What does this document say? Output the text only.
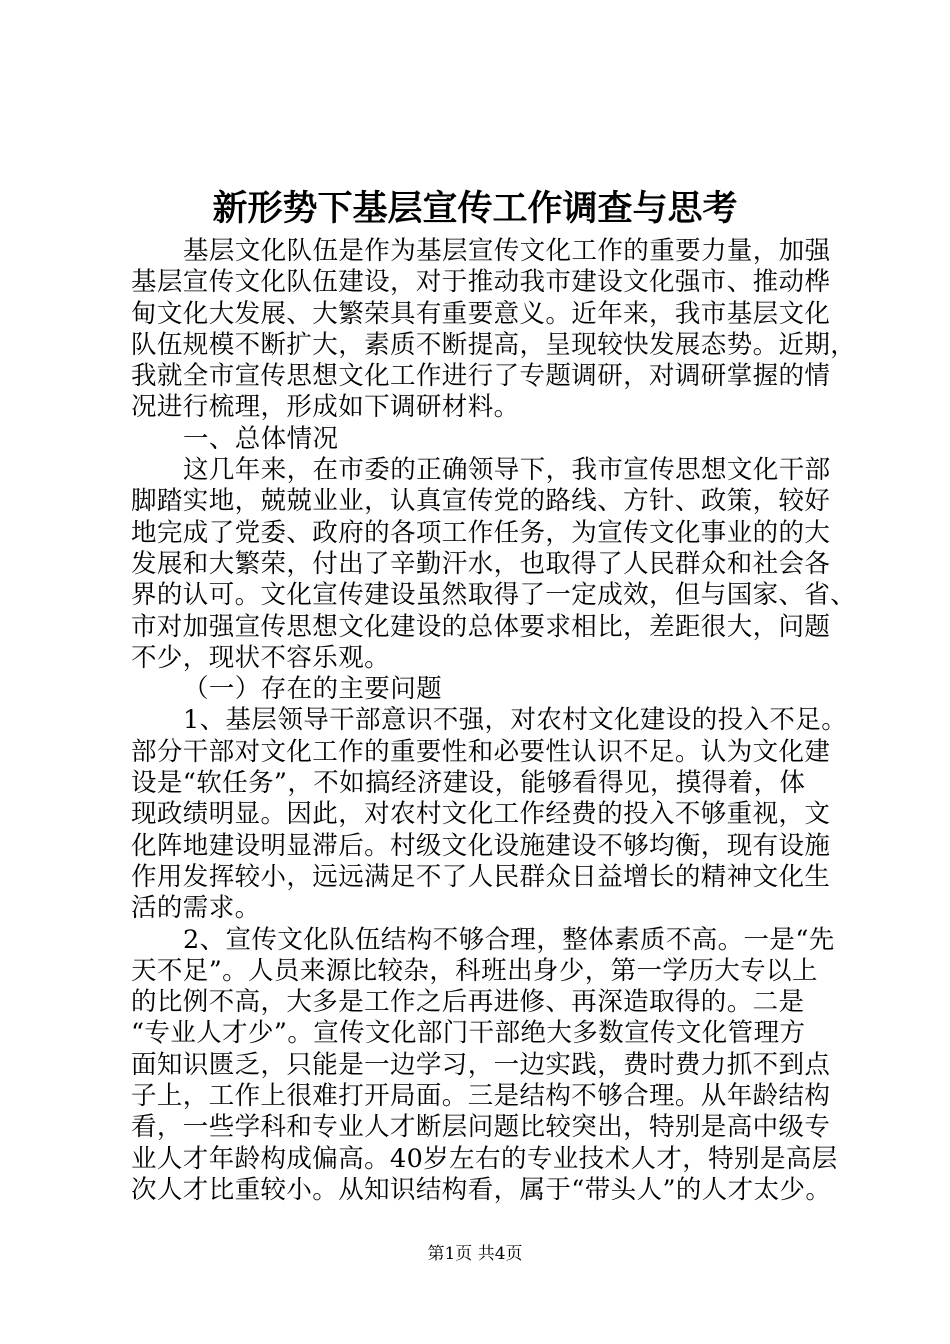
新形势下基层宣传工作调查与思考
基层文化队伍是作为基层宣传文化工作的重要力量，加强
基层宣传文化队伍建设，对于推动我市建设文化强市、推动桦
甸文化大发展、大繁荣具有重要意义。近年来，我市基层文化
队伍规模不断扩大，素质不断提高，呈现较快发展态势。近期，
我就全市宣传思想文化工作进行了专题调研，对调研掌握的情
况进行梳理，形成如下调研材料。
一、总体情况
这几年来，在市委的正确领导下，我市宣传思想文化干部
脚踏实地，兢兢业业，认真宣传党的路线、方针、政策，较好
地完成了党委、政府的各项工作任务，为宣传文化事业的的大
发展和大繁荣，付出了辛勤汗水，也取得了人民群众和社会各
界的认可。文化宣传建设虽然取得了一定成效，但与国家、省、
市对加强宣传思想文化建设的总体要求相比，差距很大，问题
不少，现状不容乐观。
（一）存在的主要问题
1、基层领导干部意识不强，对农村文化建设的投入不足。
部分干部对文化工作的重要性和必要性认识不足。认为文化建
设是“软任务”，不如搞经济建设，能够看得见，摸得着，体
现政绩明显。因此，对农村文化工作经费的投入不够重视，文
化阵地建设明显滞后。村级文化设施建设不够均衡，现有设施
作用发挥较小，远远满足不了人民群众日益增长的精神文化生
活的需求。
2、宣传文化队伍结构不够合理，整体素质不高。一是“先
天不足”。人员来源比较杂，科班出身少，第一学历大专以上
的比例不高，大多是工作之后再进修、再深造取得的。二是
“专业人才少”。宣传文化部门干部绝大多数宣传文化管理方
面知识匮乏，只能是一边学习，一边实践，费时费力抓不到点
子上，工作上很难打开局面。三是结构不够合理。从年龄结构
看，一些学科和专业人才断层问题比较突出，特别是高中级专
业人才年龄构成偏高。40岁左右的专业技术人才，特别是高层
次人才比重较小。从知识结构看，属于“带头人”的人才太少。
第1页 共4页
